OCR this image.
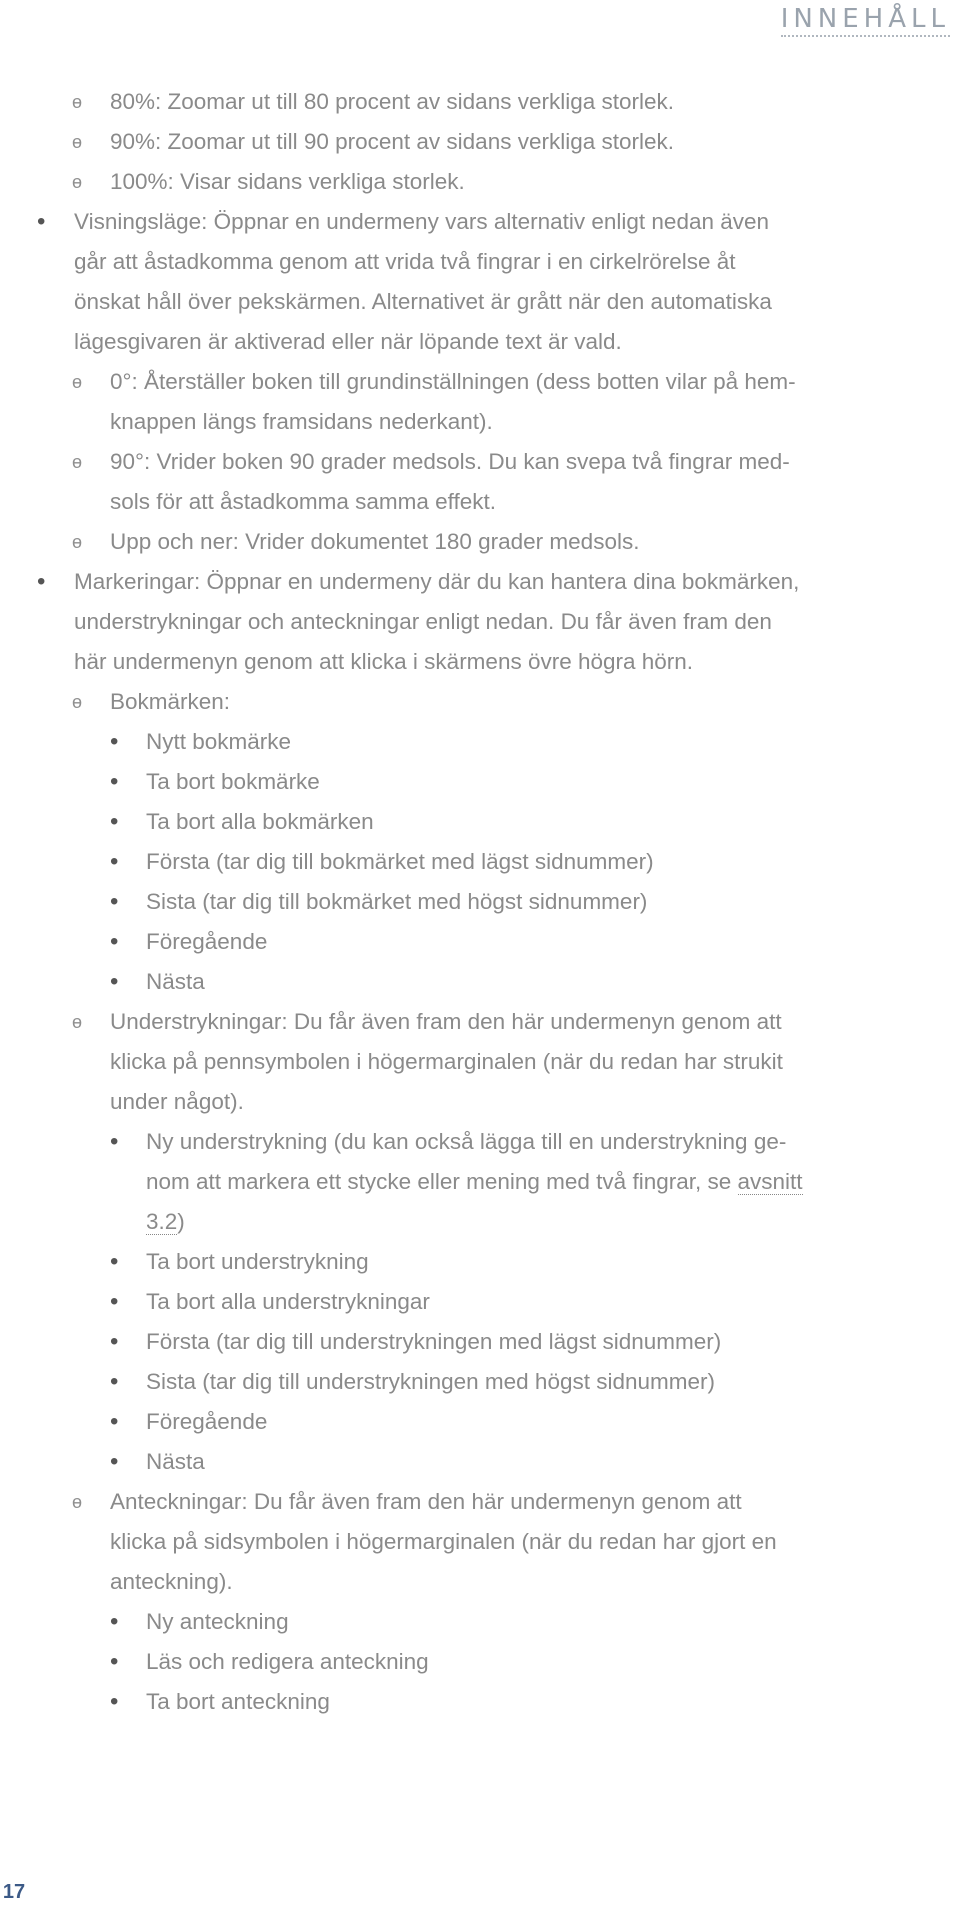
INNEHÅLL
ɵ 80%: Zoomar ut till 80 procent av sidans verkliga storlek.
ɵ 90%: Zoomar ut till 90 procent av sidans verkliga storlek.
ɵ 100%: Visar sidans verkliga storlek.
• Visningsläge: Öppnar en undermeny vars alternativ enligt nedan även
går att åstadkomma genom att vrida två fingrar i en cirkelrörelse åt
önskat håll över pekskärmen. Alternativet är grått när den automatiska
lägesgivaren är aktiverad eller när löpande text är vald.
ɵ 0°: Återställer boken till grundinställningen (dess botten vilar på hem-
knappen längs framsidans nederkant).
ɵ 90°: Vrider boken 90 grader medsols. Du kan svepa två fingrar med-
sols för att åstadkomma samma effekt.
ɵ Upp och ner: Vrider dokumentet 180 grader medsols.
• Markeringar: Öppnar en undermeny där du kan hantera dina bokmärken,
understrykningar och anteckningar enligt nedan. Du får även fram den
här undermenyn genom att klicka i skärmens övre högra hörn.
ɵ Bokmärken:
• Nytt bokmärke
• Ta bort bokmärke
• Ta bort alla bokmärken
• Första (tar dig till bokmärket med lägst sidnummer)
• Sista (tar dig till bokmärket med högst sidnummer)
• Föregående
• Nästa
ɵ Understrykningar: Du får även fram den här undermenyn genom att
klicka på pennsymbolen i högermarginalen (när du redan har strukit
under något).
• Ny understrykning (du kan också lägga till en understrykning ge-
nom att markera ett stycke eller mening med två fingrar, se avsnitt
3.2)
• Ta bort understrykning
• Ta bort alla understrykningar
• Första (tar dig till understrykningen med lägst sidnummer)
• Sista (tar dig till understrykningen med högst sidnummer)
• Föregående
• Nästa
ɵ Anteckningar: Du får även fram den här undermenyn genom att
klicka på sidsymbolen i högermarginalen (när du redan har gjort en
anteckning).
• Ny anteckning
• Läs och redigera anteckning
• Ta bort anteckning
17
